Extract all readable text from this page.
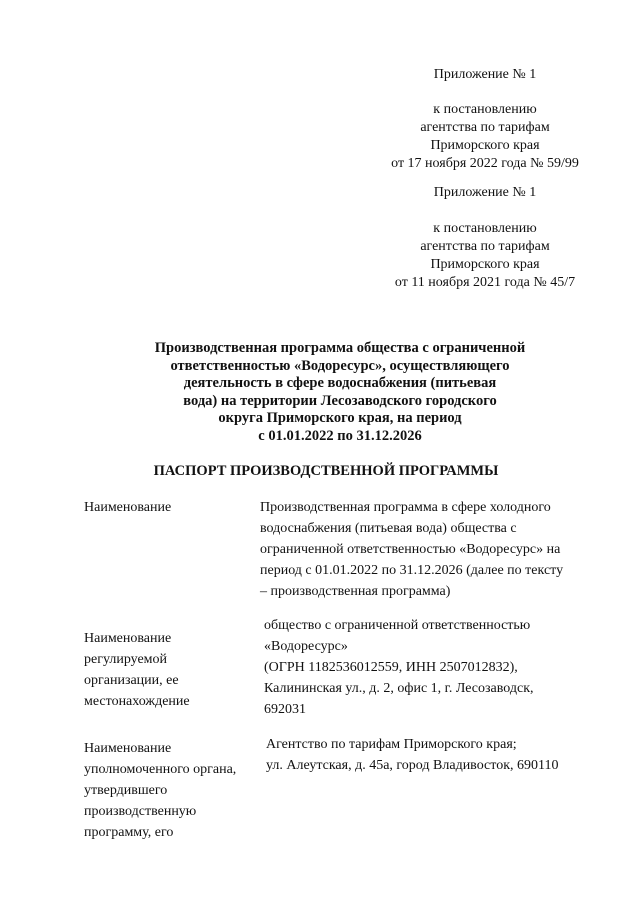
Приложение № 1
к постановлению
агентства по тарифам
Приморского края
от 17 ноября 2022 года № 59/99
Приложение № 1
к постановлению
агентства по тарифам
Приморского края
от 11 ноября 2021 года № 45/7
Производственная программа общества с ограниченной
ответственностью «Водоресурс», осуществляющего
деятельность в сфере водоснабжения (питьевая
вода) на территории Лесозаводского городского
округа Приморского края, на период
с 01.01.2022 по 31.12.2026
ПАСПОРТ ПРОИЗВОДСТВЕННОЙ ПРОГРАММЫ
Наименование	Производственная программа в сфере холодного
водоснабжения (питьевая вода) общества с
ограниченной ответственностью «Водоресурс» на
период с 01.01.2022 по 31.12.2026 (далее по тексту
– производственная программа)
Наименование
регулируемой
организации, ее
местонахождение
общество с ограниченной ответственностью
«Водоресурс»
(ОГРН 1182536012559, ИНН 2507012832),
Калининская ул., д. 2, офис 1, г. Лесозаводск,
692031
Наименование
уполномоченного органа,
утвердившего
производственную
программу, его
Агентство по тарифам Приморского края;
ул. Алеутская, д. 45а, город Владивосток, 690110
